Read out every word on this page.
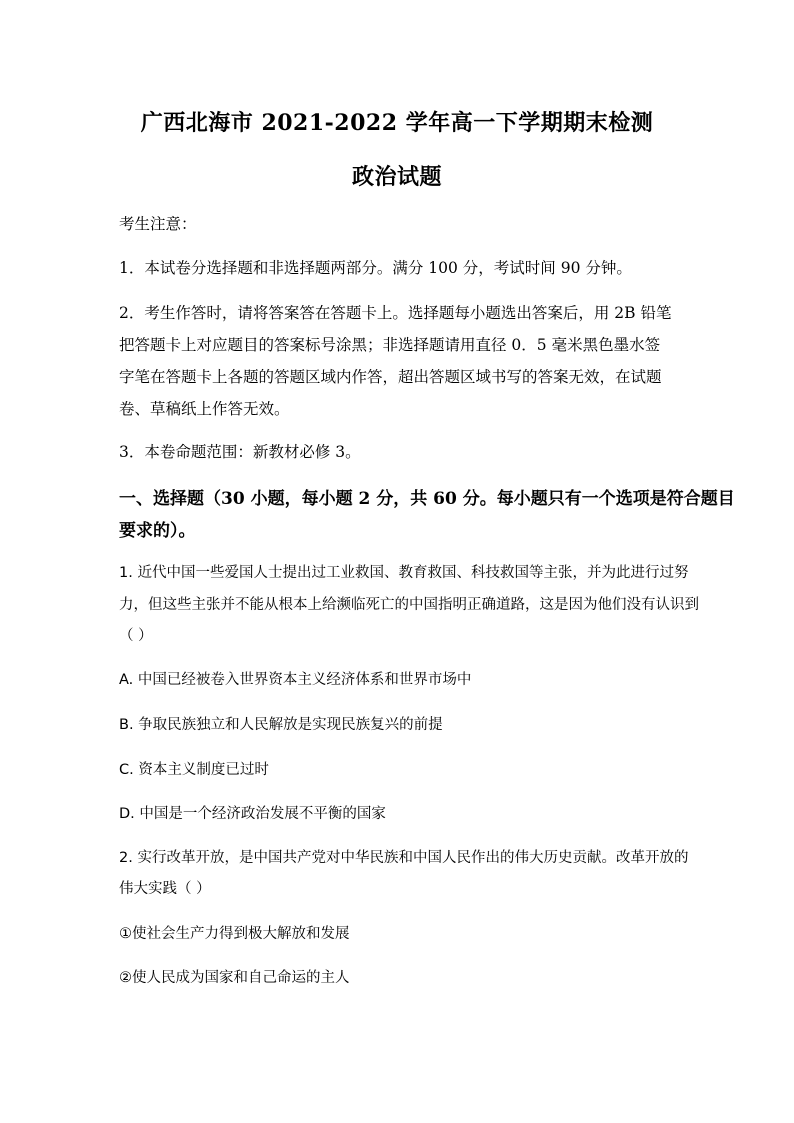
广西北海市 2021-2022 学年高一下学期期末检测
政治试题
考生注意：
1．本试卷分选择题和非选择题两部分。满分 100 分，考试时间 90 分钟。
2．考生作答时，请将答案答在答题卡上。选择题每小题选出答案后，用 2B 铅笔
把答题卡上对应题目的答案标号涂黑；非选择题请用直径 0．5 毫米黑色墨水签
字笔在答题卡上各题的答题区域内作答，超出答题区域书写的答案无效，在试题
卷、草稿纸上作答无效。
3．本卷命题范围：新教材必修 3。
一、选择题（30 小题，每小题 2 分，共 60 分。每小题只有一个选项是符合题目
要求的）。
1. 近代中国一些爱国人士提出过工业救国、教育救国、科技救国等主张，并为此进行过努
力，但这些主张并不能从根本上给濒临死亡的中国指明正确道路，这是因为他们没有认识到
（ ）
A. 中国已经被卷入世界资本主义经济体系和世界市场中
B. 争取民族独立和人民解放是实现民族复兴的前提
C. 资本主义制度已过时
D. 中国是一个经济政治发展不平衡的国家
2. 实行改革开放，是中国共产党对中华民族和中国人民作出的伟大历史贡献。改革开放的
伟大实践（ ）
①使社会生产力得到极大解放和发展
②使人民成为国家和自己命运的主人
